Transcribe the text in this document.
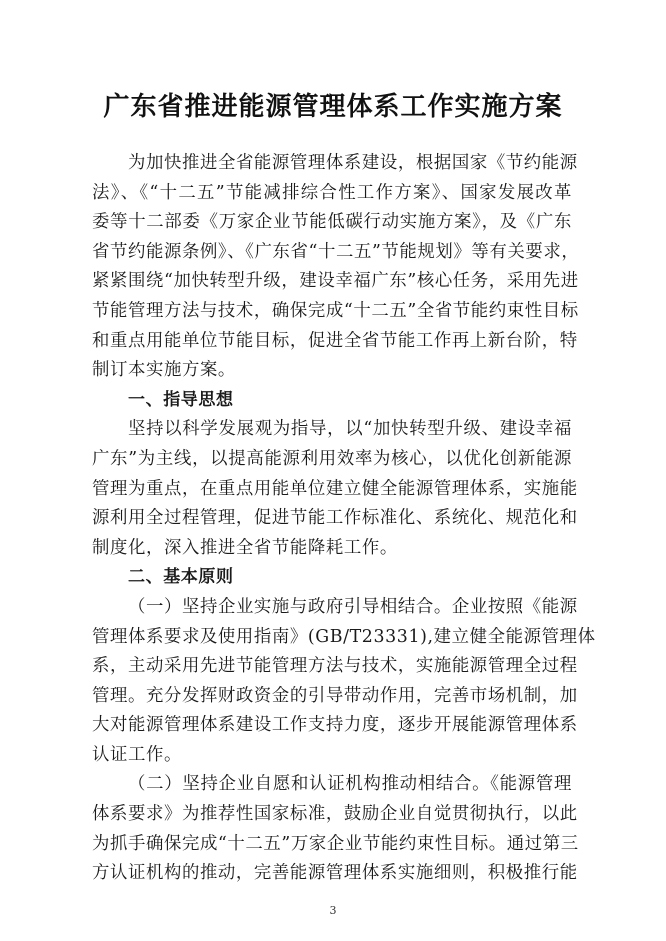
广东省推进能源管理体系工作实施方案
为加快推进全省能源管理体系建设，根据国家《节约能源
法》、《“十二五”节能减排综合性工作方案》、国家发展改革
委等十二部委《万家企业节能低碳行动实施方案》，及《广东
省节约能源条例》、《广东省“十二五”节能规划》等有关要求，
紧紧围绕“加快转型升级，建设幸福广东”核心任务，采用先进
节能管理方法与技术，确保完成“十二五”全省节能约束性目标
和重点用能单位节能目标，促进全省节能工作再上新台阶，特
制订本实施方案。
一、指导思想
坚持以科学发展观为指导，以“加快转型升级、建设幸福
广东”为主线，以提高能源利用效率为核心，以优化创新能源
管理为重点，在重点用能单位建立健全能源管理体系，实施能
源利用全过程管理，促进节能工作标准化、系统化、规范化和
制度化，深入推进全省节能降耗工作。
二、基本原则
（一）坚持企业实施与政府引导相结合。企业按照《能源
管理体系要求及使用指南》(GB/T23331),建立健全能源管理体
系，主动采用先进节能管理方法与技术，实施能源管理全过程
管理。充分发挥财政资金的引导带动作用，完善市场机制，加
大对能源管理体系建设工作支持力度，逐步开展能源管理体系
认证工作。
（二）坚持企业自愿和认证机构推动相结合。《能源管理
体系要求》为推荐性国家标准，鼓励企业自觉贯彻执行，以此
为抓手确保完成“十二五”万家企业节能约束性目标。通过第三
方认证机构的推动，完善能源管理体系实施细则，积极推行能
3
